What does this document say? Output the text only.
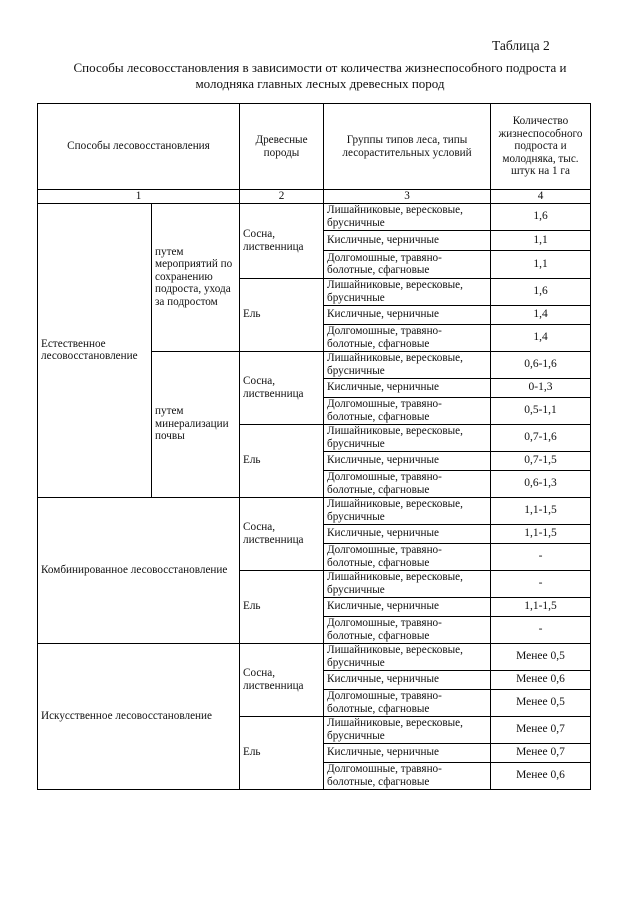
Таблица 2
Способы лесовосстановления в зависимости от количества жизнеспособного подроста и
молодняка главных лесных древесных пород
Способы лесовосстановления		Древесные породы	Группы типов леса, типы лесорастительных условий	Количество жизнеспособного подроста и молодняка, тыс. штук на 1 га
1		2	3	4
Естественное лесовосстановление	путем мероприятий по сохранению подроста, ухода за подростом	Сосна, лиственница	Лишайниковые, вересковые, брусничные	1,6
			Кисличные, черничные	1,1
			Долгомошные, травяно-болотные, сфагновые	1,1
		Ель	Лишайниковые, вересковые, брусничные	1,6
			Кисличные, черничные	1,4
			Долгомошные, травяно-болотные, сфагновые	1,4
	путем минерализации почвы	Сосна, лиственница	Лишайниковые, вересковые, брусничные	0,6-1,6
			Кисличные, черничные	0-1,3
			Долгомошные, травяно-болотные, сфагновые	0,5-1,1
		Ель	Лишайниковые, вересковые, брусничные	0,7-1,6
			Кисличные, черничные	0,7-1,5
			Долгомошные, травяно-болотные, сфагновые	0,6-1,3
Комбинированное лесовосстановление		Сосна, лиственница	Лишайниковые, вересковые, брусничные	1,1-1,5
			Кисличные, черничные	1,1-1,5
			Долгомошные, травяно-болотные, сфагновые	-
		Ель	Лишайниковые, вересковые, брусничные	-
			Кисличные, черничные	1,1-1,5
			Долгомошные, травяно-болотные, сфагновые	-
Искусственное лесовосстановление		Сосна, лиственница	Лишайниковые, вересковые, брусничные	Менее 0,5
			Кисличные, черничные	Менее 0,6
			Долгомошные, травяно-болотные, сфагновые	Менее 0,5
		Ель	Лишайниковые, вересковые, брусничные	Менее 0,7
			Кисличные, черничные	Менее 0,7
			Долгомошные, травяно-болотные, сфагновые	Менее 0,6
